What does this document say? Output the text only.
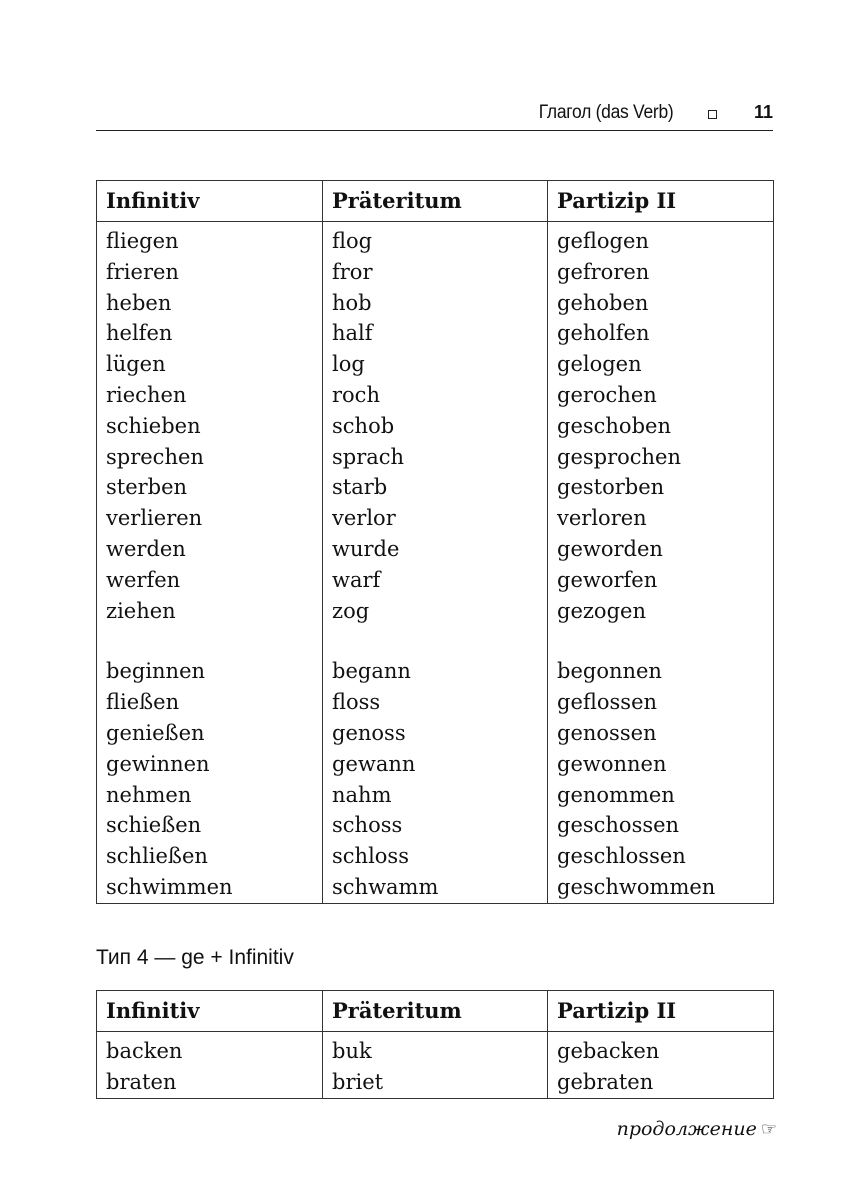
Глагол (das Verb)	11
Infinitiv	Präteritum	Partizip II
fliegen	flog	geflogen
frieren	fror	gefroren
heben	hob	gehoben
helfen	half	geholfen
lügen	log	gelogen
riechen	roch	gerochen
schieben	schob	geschoben
sprechen	sprach	gesprochen
sterben	starb	gestorben
verlieren	verlor	verloren
werden	wurde	geworden
werfen	warf	geworfen
ziehen	zog	gezogen

beginnen	begann	begonnen
fließen	floss	geflossen
genießen	genoss	genossen
gewinnen	gewann	gewonnen
nehmen	nahm	genommen
schießen	schoss	geschossen
schließen	schloss	geschlossen
schwimmen	schwamm	geschwommen
Тип 4 — ge + Infinitiv
Infinitiv	Präteritum	Partizip II
backen	buk	gebacken
braten	briet	gebraten
продолжение ☞
